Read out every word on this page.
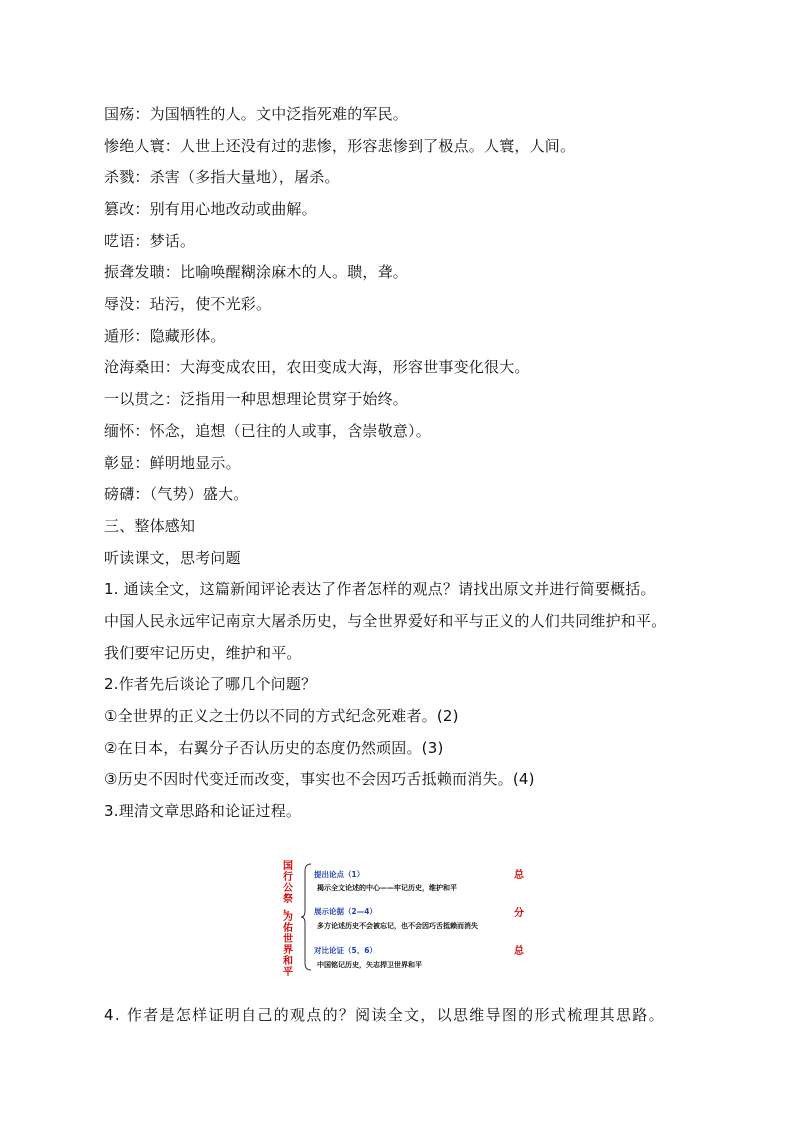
国殇：为国牺牲的人。文中泛指死难的军民。
惨绝人寰：人世上还没有过的悲惨，形容悲惨到了极点。人寰，人间。
杀戮：杀害（多指大量地），屠杀。
篡改：别有用心地改动或曲解。
呓语：梦话。
振聋发聩：比喻唤醒糊涂麻木的人。聩，聋。
辱没：玷污，使不光彩。
遁形：隐藏形体。
沧海桑田：大海变成农田，农田变成大海，形容世事变化很大。
一以贯之：泛指用一种思想理论贯穿于始终。
缅怀：怀念，追想（已往的人或事，含崇敬意）。
彰显：鲜明地显示。
磅礴：（气势）盛大。
三、整体感知
听读课文，思考问题
1. 通读全文，这篇新闻评论表达了作者怎样的观点？请找出原文并进行简要概括。
中国人民永远牢记南京大屠杀历史，与全世界爱好和平与正义的人们共同维护和平。
我们要牢记历史，维护和平。
2.作者先后谈论了哪几个问题？
①全世界的正义之士仍以不同的方式纪念死难者。(2)
②在日本，右翼分子否认历史的态度仍然顽固。(3)
③历史不因时代变迁而改变，事实也不会因巧舌抵赖而消失。(4)
3.理清文章思路和论证过程。
国
行
公
祭
，
为
佑
世
界
和
平
提出论点（1）
揭示全文论述的中心——牢记历史，维护和平
总
展示论据（2—4）
多方论述历史不会被忘记，也不会因巧舌抵赖而消失
分
对比论证（5、6）
中国铭记历史，矢志捍卫世界和平
总
4. 作者是怎样证明自己的观点的？阅读全文，以思维导图的形式梳理其思路。
